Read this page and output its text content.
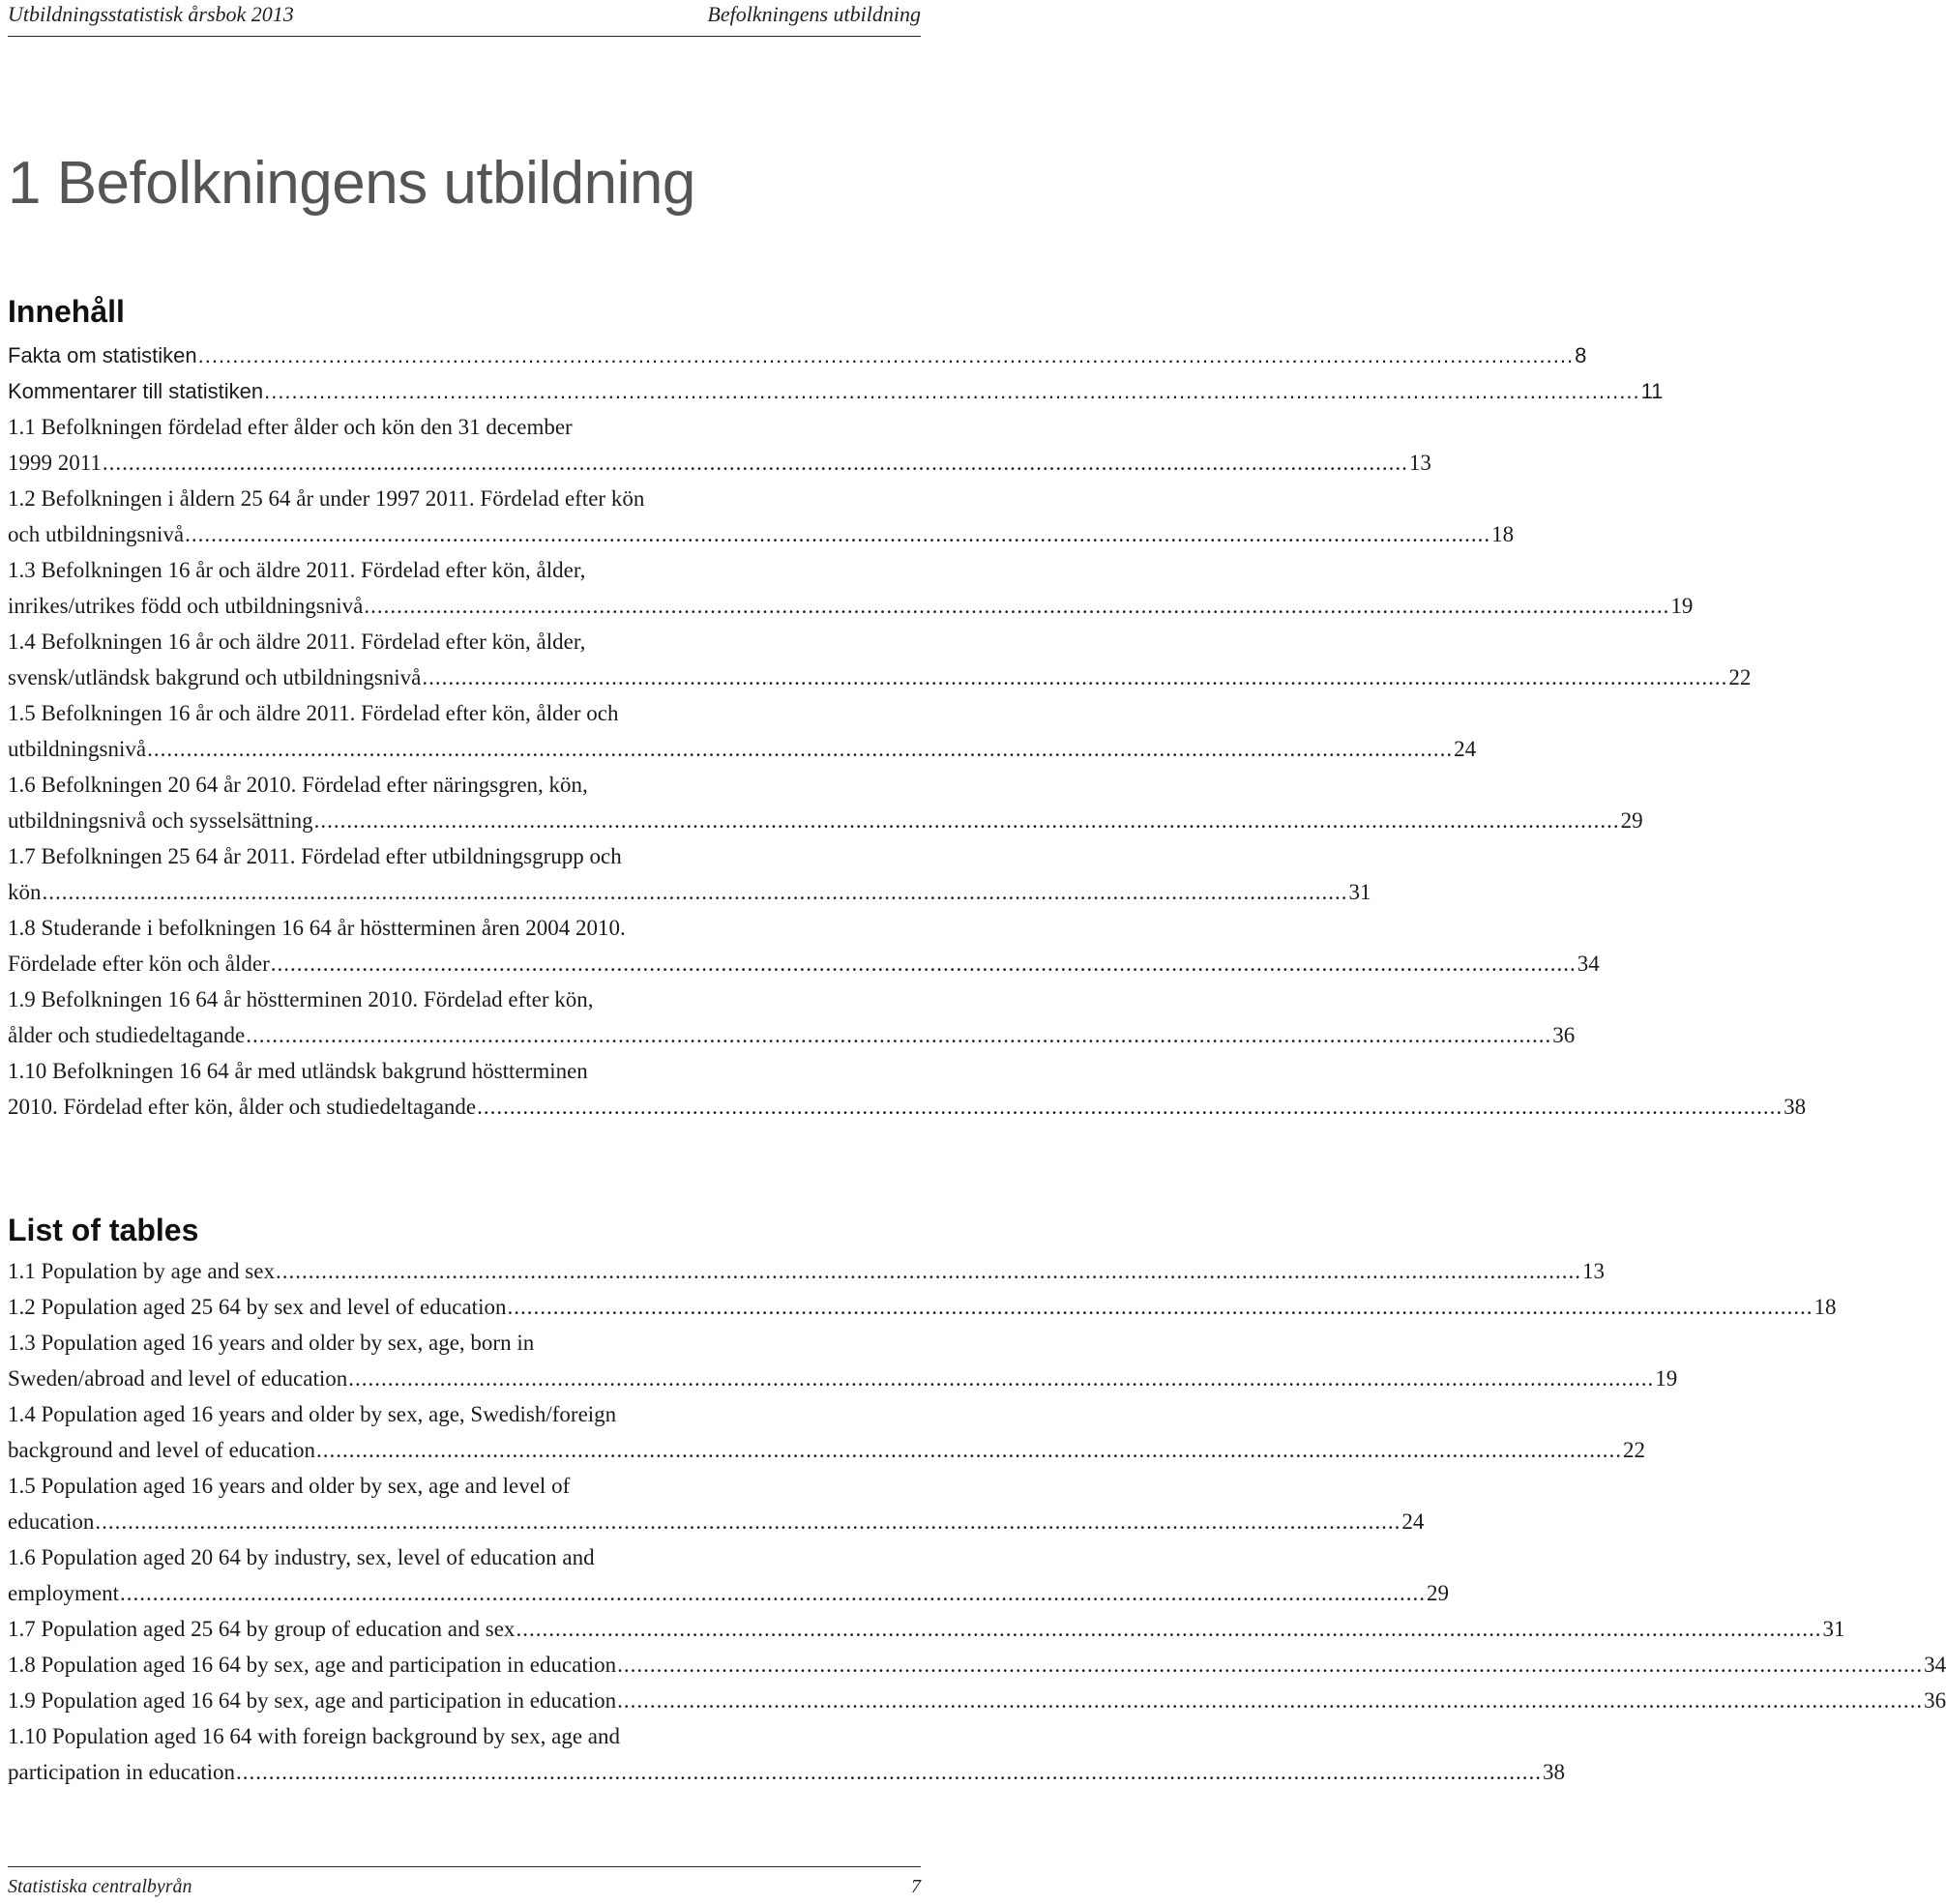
Utbildningsstatistisk årsbok 2013	Befolkningens utbildning
1 Befolkningens utbildning
Innehåll
Fakta om statistiken ........................................................................................................................................................................................................ 8
Kommentarer till statistiken ........................................................................................................................................................................................................ 11
1.1 Befolkningen fördelad efter ålder och kön den 31 december
1999 2011 ........................................................................................................................................................................................................ 13
1.2 Befolkningen i åldern 25 64 år under 1997 2011. Fördelad efter kön
och utbildningsnivå ........................................................................................................................................................................................................ 18
1.3 Befolkningen 16 år och äldre 2011. Fördelad efter kön, ålder,
inrikes/utrikes född och utbildningsnivå ........................................................................................................................................................................................................ 19
1.4 Befolkningen 16 år och äldre 2011. Fördelad efter kön, ålder,
svensk/utländsk bakgrund och utbildningsnivå ........................................................................................................................................................................................................ 22
1.5 Befolkningen 16 år och äldre 2011. Fördelad efter kön, ålder och
utbildningsnivå ........................................................................................................................................................................................................ 24
1.6 Befolkningen 20 64 år 2010. Fördelad efter näringsgren, kön,
utbildningsnivå och sysselsättning ........................................................................................................................................................................................................ 29
1.7 Befolkningen 25 64 år 2011. Fördelad efter utbildningsgrupp och
kön ........................................................................................................................................................................................................ 31
1.8 Studerande i befolkningen 16 64 år höstterminen åren 2004 2010.
Fördelade efter kön och ålder ........................................................................................................................................................................................................ 34
1.9 Befolkningen 16 64 år höstterminen 2010. Fördelad efter kön,
ålder och studiedeltagande ........................................................................................................................................................................................................ 36
1.10 Befolkningen 16 64 år med utländsk bakgrund höstterminen
2010. Fördelad efter kön, ålder och studiedeltagande ........................................................................................................................................................................................................ 38
List of tables
1.1 Population by age and sex ........................................................................................................................................................................................................ 13
1.2 Population aged 25 64 by sex and level of education ........................................................................................................................................................................................................ 18
1.3 Population aged 16 years and older by sex, age, born in
Sweden/abroad and level of education ........................................................................................................................................................................................................ 19
1.4 Population aged 16 years and older by sex, age, Swedish/foreign
background and level of education ........................................................................................................................................................................................................ 22
1.5 Population aged 16 years and older by sex, age and level of
education ........................................................................................................................................................................................................ 24
1.6 Population aged 20 64 by industry, sex, level of education and
employment ........................................................................................................................................................................................................ 29
1.7 Population aged 25 64 by group of education and sex ........................................................................................................................................................................................................ 31
1.8 Population aged 16 64 by sex, age and participation in education ........................................................................................................................................................................................................ 34
1.9 Population aged 16 64 by sex, age and participation in education ........................................................................................................................................................................................................ 36
1.10 Population aged 16 64 with foreign background by sex, age and
participation in education ........................................................................................................................................................................................................ 38
Statistiska centralbyrån	7
